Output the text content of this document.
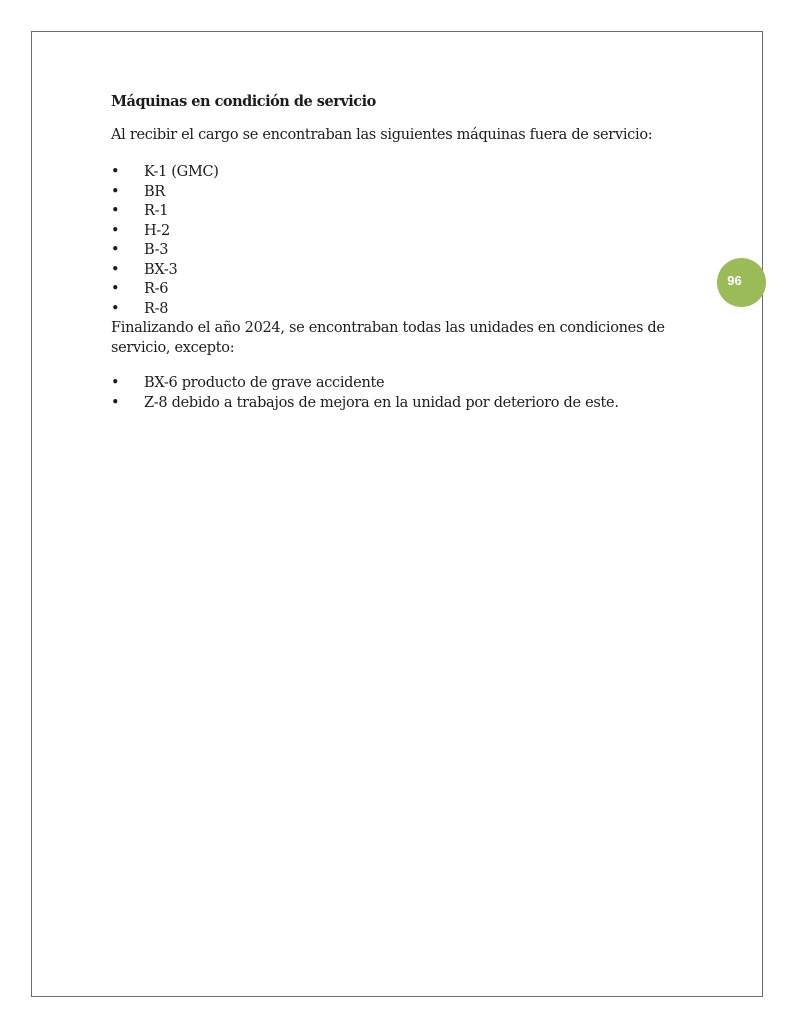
Máquinas en condición de servicio

Al recibir el cargo se encontraban las siguientes máquinas fuera de servicio:

• K-1 (GMC)
• BR
• R-1
• H-2
• B-3
• BX-3
• R-6
• R-8

Finalizando el año 2024, se encontraban todas las unidades en condiciones de servicio, excepto:

• BX-6 producto de grave accidente
• Z-8 debido a trabajos de mejora en la unidad por deterioro de este.
96
